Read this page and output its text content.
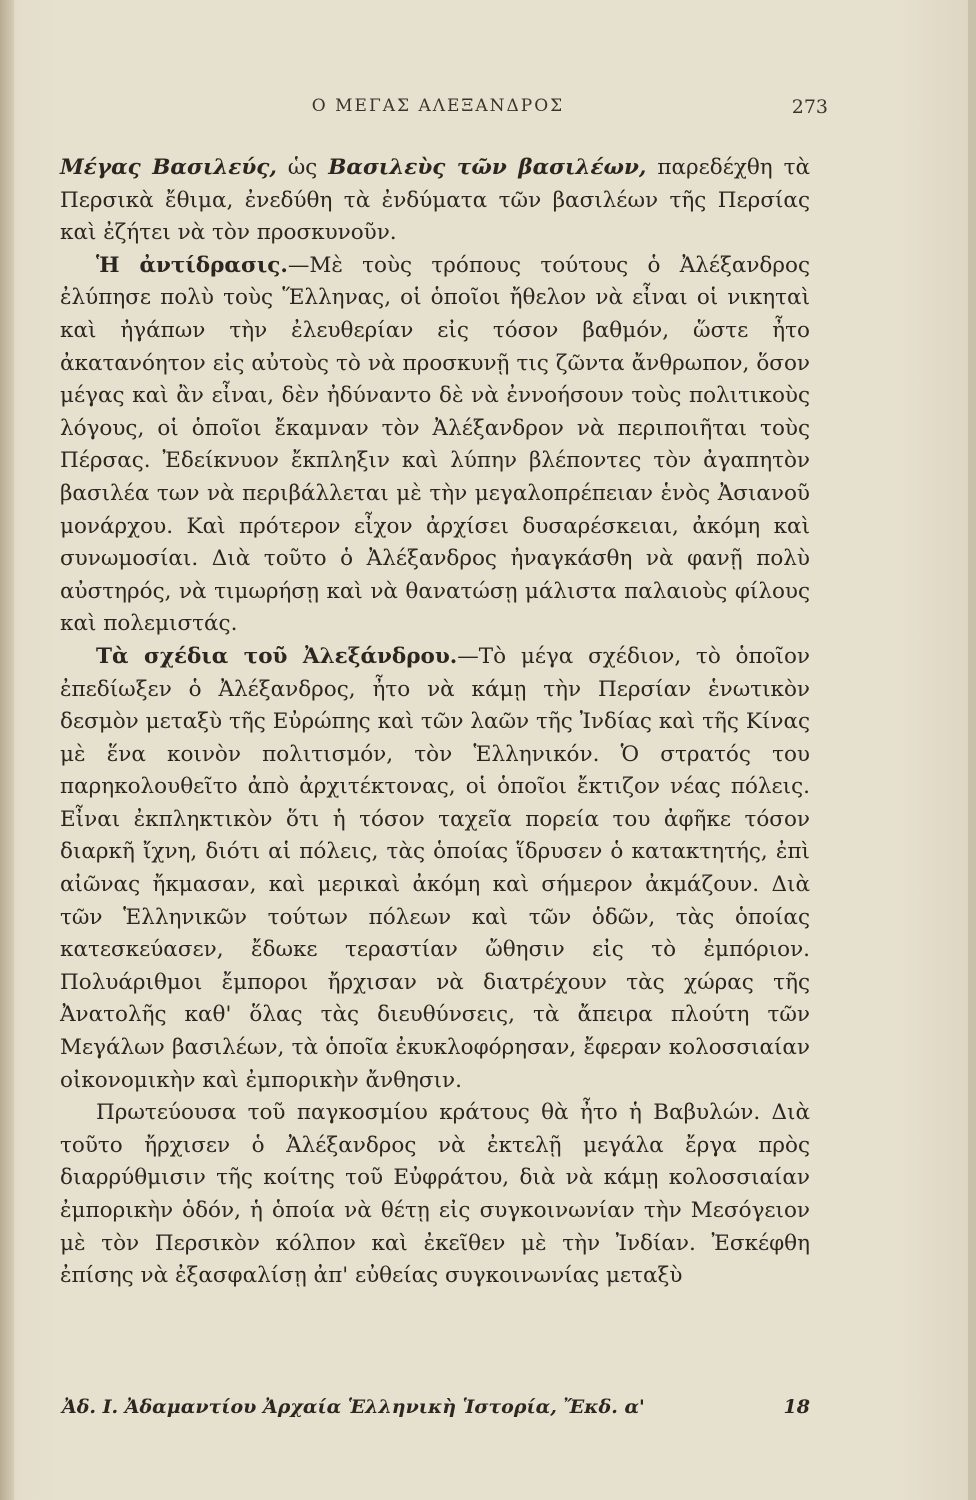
Ο ΜΕΓΑΣ ΑΛΕΞΑΝΔΡΟΣ	273

Μέγας Βασιλεύς, ὡς Βασιλεὺς τῶν βασιλέων, παρεδέχθη τὰ Περσικὰ ἔθιμα, ἐνεδύθη τὰ ἐνδύματα τῶν βασιλέων τῆς Περσίας καὶ ἐζήτει νὰ τὸν προσκυνοῦν.

Ἡ ἀντίδρασις.—Μὲ τοὺς τρόπους τούτους ὁ Ἀλέξανδρος ἐλύπησε πολὺ τοὺς Ἕλληνας, οἱ ὁποῖοι ἤθελον νὰ εἶναι οἱ νικηταὶ καὶ ἠγάπων τὴν ἐλευθερίαν εἰς τόσον βαθμόν, ὥστε ἦτο ἀκατανόητον εἰς αὐτοὺς τὸ νὰ προσκυνῇ τις ζῶντα ἄνθρωπον, ὅσον μέγας καὶ ἂν εἶναι, δὲν ἠδύναντο δὲ νὰ ἐννοήσουν τοὺς πολιτικοὺς λόγους, οἱ ὁποῖοι ἔκαμναν τὸν Ἀλέξανδρον νὰ περιποιῆται τοὺς Πέρσας. Ἐδείκνυον ἔκπληξιν καὶ λύπην βλέποντες τὸν ἀγαπητὸν βασιλέα των νὰ περιβάλλεται μὲ τὴν μεγαλοπρέπειαν ἑνὸς Ἀσιανοῦ μονάρχου. Καὶ πρότερον εἶχον ἀρχίσει δυσαρέσκειαι, ἀκόμη καὶ συνωμοσίαι. Διὰ τοῦτο ὁ Ἀλέξανδρος ἠναγκάσθη νὰ φανῇ πολὺ αὐστηρός, νὰ τιμωρήσῃ καὶ νὰ θανατώσῃ μάλιστα παλαιοὺς φίλους καὶ πολεμιστάς.

Τὰ σχέδια τοῦ Ἀλεξάνδρου.—Τὸ μέγα σχέδιον, τὸ ὁποῖον ἐπεδίωξεν ὁ Ἀλέξανδρος, ἦτο νὰ κάμῃ τὴν Περσίαν ἑνωτικὸν δεσμὸν μεταξὺ τῆς Εὐρώπης καὶ τῶν λαῶν τῆς Ἰνδίας καὶ τῆς Κίνας μὲ ἕνα κοινὸν πολιτισμόν, τὸν Ἑλληνικόν. Ὁ στρατός του παρηκολουθεῖτο ἀπὸ ἀρχιτέκτονας, οἱ ὁποῖοι ἔκτιζον νέας πόλεις. Εἶναι ἐκπληκτικὸν ὅτι ἡ τόσον ταχεῖα πορεία του ἀφῆκε τόσον διαρκῆ ἴχνη, διότι αἱ πόλεις, τὰς ὁποίας ἵδρυσεν ὁ κατακτητής, ἐπὶ αἰῶνας ἤκμασαν, καὶ μερικαὶ ἀκόμη καὶ σήμερον ἀκμάζουν. Διὰ τῶν Ἑλληνικῶν τούτων πόλεων καὶ τῶν ὁδῶν, τὰς ὁποίας κατεσκεύασεν, ἔδωκε τεραστίαν ὤθησιν εἰς τὸ ἐμπόριον. Πολυάριθμοι ἔμποροι ἤρχισαν νὰ διατρέχουν τὰς χώρας τῆς Ἀνατολῆς καθ' ὅλας τὰς διευθύνσεις, τὰ ἄπειρα πλούτη τῶν Μεγάλων βασιλέων, τὰ ὁποῖα ἐκυκλοφόρησαν, ἔφεραν κολοσσιαίαν οἰκονομικὴν καὶ ἐμπορικὴν ἄνθησιν.

Πρωτεύουσα τοῦ παγκοσμίου κράτους θὰ ἦτο ἡ Βαβυλών. Διὰ τοῦτο ἤρχισεν ὁ Ἀλέξανδρος νὰ ἐκτελῇ μεγάλα ἔργα πρὸς διαρρύθμισιν τῆς κοίτης τοῦ Εὐφράτου, διὰ νὰ κάμῃ κολοσσιαίαν ἐμπορικὴν ὁδόν, ἡ ὁποία νὰ θέτῃ εἰς συγκοινωνίαν τὴν Μεσόγειον μὲ τὸν Περσικὸν κόλπον καὶ ἐκεῖθεν μὲ τὴν Ἰνδίαν. Ἐσκέφθη ἐπίσης νὰ ἐξασφαλίσῃ ἀπ' εὐθείας συγκοινωνίας μεταξὺ

Ἀδ. Ι. Ἀδαμαντίου Ἀρχαία Ἑλληνικὴ Ἱστορία, Ἔκδ. α'	18
